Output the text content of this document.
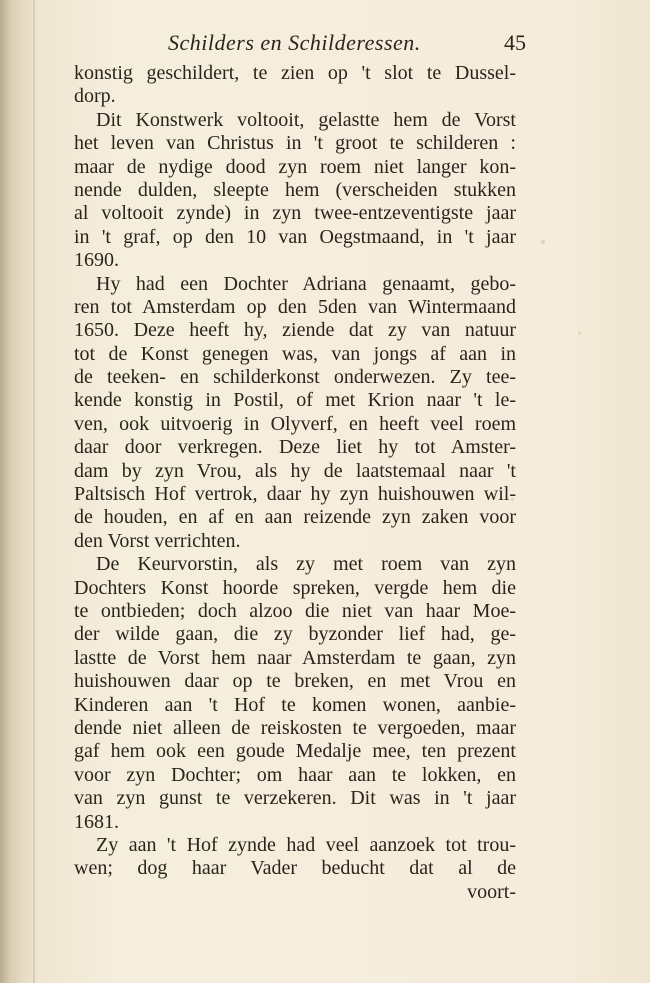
Schilders en Schilderessen.	45
konstig geschildert, te zien op 't slot te Dussel-
dorp.
Dit Konstwerk voltooit, gelastte hem de Vorst
het leven van Christus in 't groot te schilderen :
maar de nydige dood zyn roem niet langer kon-
nende dulden, sleepte hem (verscheiden stukken
al voltooit zynde) in zyn twee-entzeventigste jaar
in 't graf, op den 10 van Oegstmaand, in 't jaar
1690.
Hy had een Dochter Adriana genaamt, gebo-
ren tot Amsterdam op den 5den van Wintermaand
1650. Deze heeft hy, ziende dat zy van natuur
tot de Konst genegen was, van jongs af aan in
de teeken- en schilderkonst onderwezen. Zy tee-
kende konstig in Postil, of met Krion naar 't le-
ven, ook uitvoerig in Olyverf, en heeft veel roem
daar door verkregen. Deze liet hy tot Amster-
dam by zyn Vrou, als hy de laatstemaal naar 't
Paltsisch Hof vertrok, daar hy zyn huishouwen wil-
de houden, en af en aan reizende zyn zaken voor
den Vorst verrichten.
De Keurvorstin, als zy met roem van zyn
Dochters Konst hoorde spreken, vergde hem die
te ontbieden; doch alzoo die niet van haar Moe-
der wilde gaan, die zy byzonder lief had, ge-
lastte de Vorst hem naar Amsterdam te gaan, zyn
huishouwen daar op te breken, en met Vrou en
Kinderen aan 't Hof te komen wonen, aanbie-
dende niet alleen de reiskosten te vergoeden, maar
gaf hem ook een goude Medalje mee, ten prezent
voor zyn Dochter; om haar aan te lokken, en
van zyn gunst te verzekeren. Dit was in 't jaar
1681.
Zy aan 't Hof zynde had veel aanzoek tot trou-
wen; dog haar Vader beducht dat al de
voort-
